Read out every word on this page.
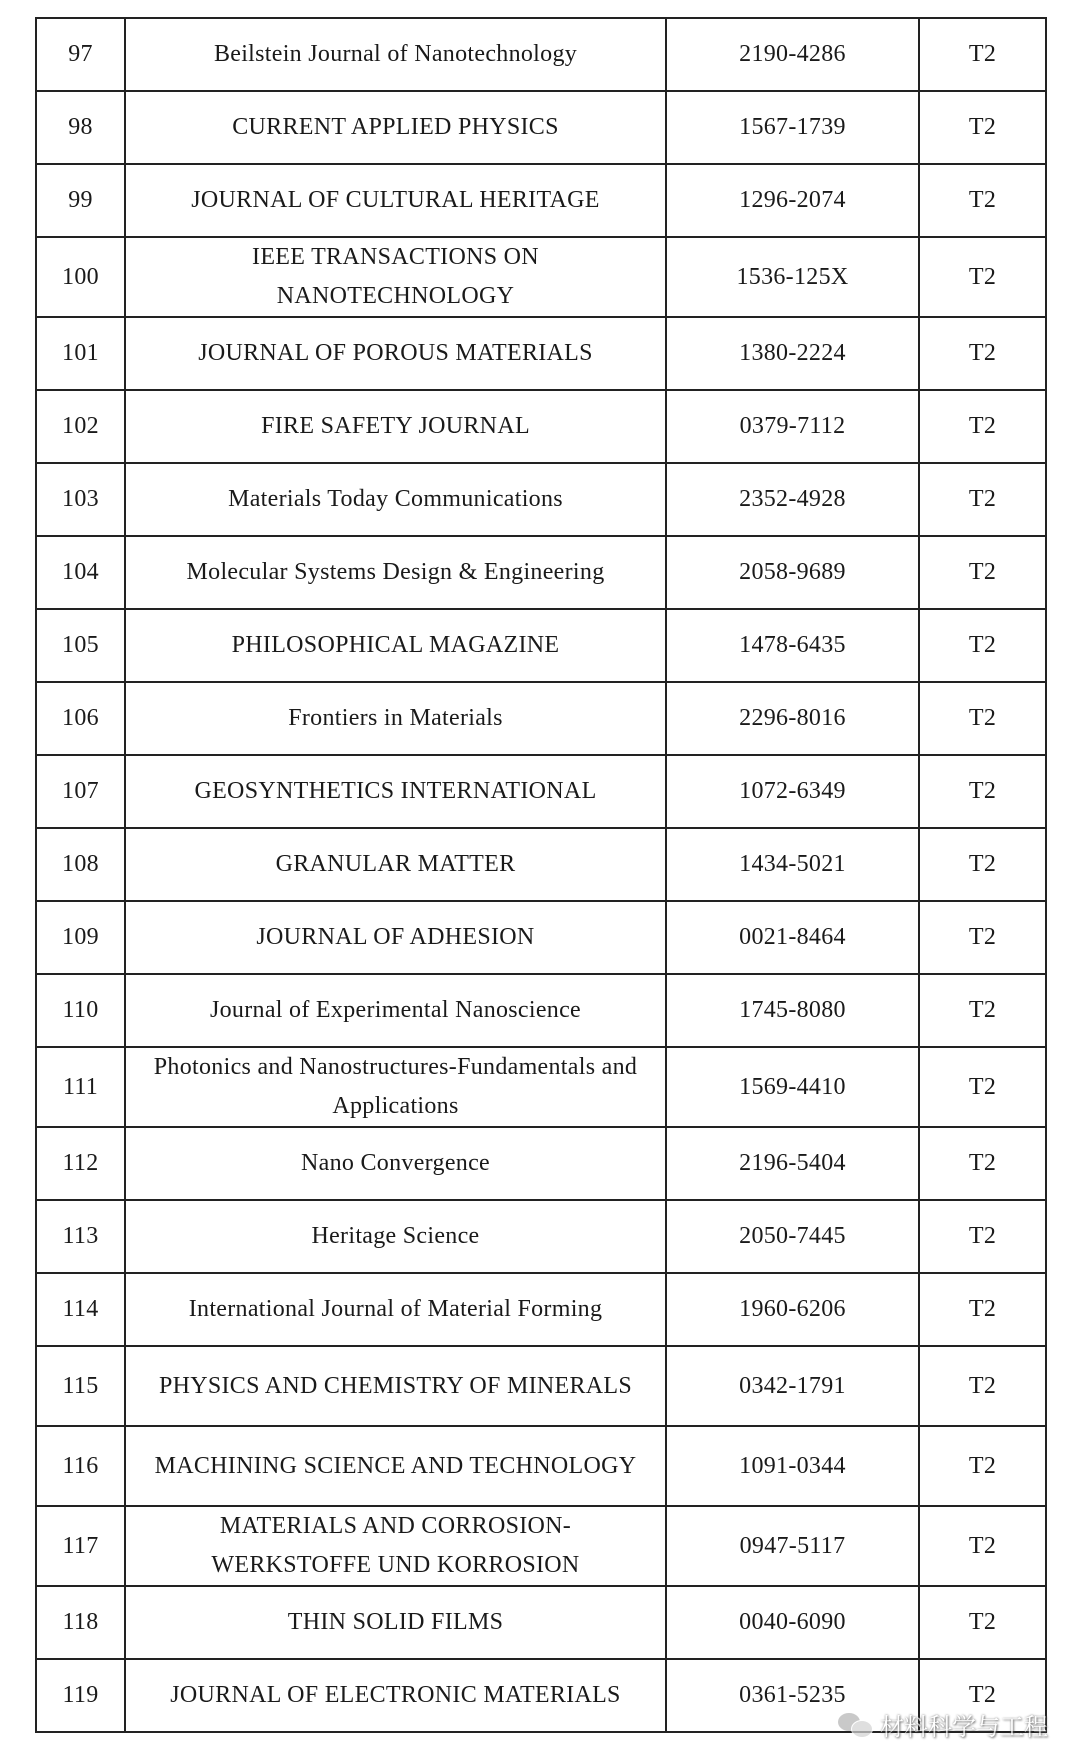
97	Beilstein Journal of Nanotechnology	2190-4286	T2
98	CURRENT APPLIED PHYSICS	1567-1739	T2
99	JOURNAL OF CULTURAL HERITAGE	1296-2074	T2
100	IEEE TRANSACTIONS ON NANOTECHNOLOGY	1536-125X	T2
101	JOURNAL OF POROUS MATERIALS	1380-2224	T2
102	FIRE SAFETY JOURNAL	0379-7112	T2
103	Materials Today Communications	2352-4928	T2
104	Molecular Systems Design & Engineering	2058-9689	T2
105	PHILOSOPHICAL MAGAZINE	1478-6435	T2
106	Frontiers in Materials	2296-8016	T2
107	GEOSYNTHETICS INTERNATIONAL	1072-6349	T2
108	GRANULAR MATTER	1434-5021	T2
109	JOURNAL OF ADHESION	0021-8464	T2
110	Journal of Experimental Nanoscience	1745-8080	T2
111	Photonics and Nanostructures-Fundamentals and Applications	1569-4410	T2
112	Nano Convergence	2196-5404	T2
113	Heritage Science	2050-7445	T2
114	International Journal of Material Forming	1960-6206	T2
115	PHYSICS AND CHEMISTRY OF MINERALS	0342-1791	T2
116	MACHINING SCIENCE AND TECHNOLOGY	1091-0344	T2
117	MATERIALS AND CORROSION-WERKSTOFFE UND KORROSION	0947-5117	T2
118	THIN SOLID FILMS	0040-6090	T2
119	JOURNAL OF ELECTRONIC MATERIALS	0361-5235	T2
材料科学与工程
